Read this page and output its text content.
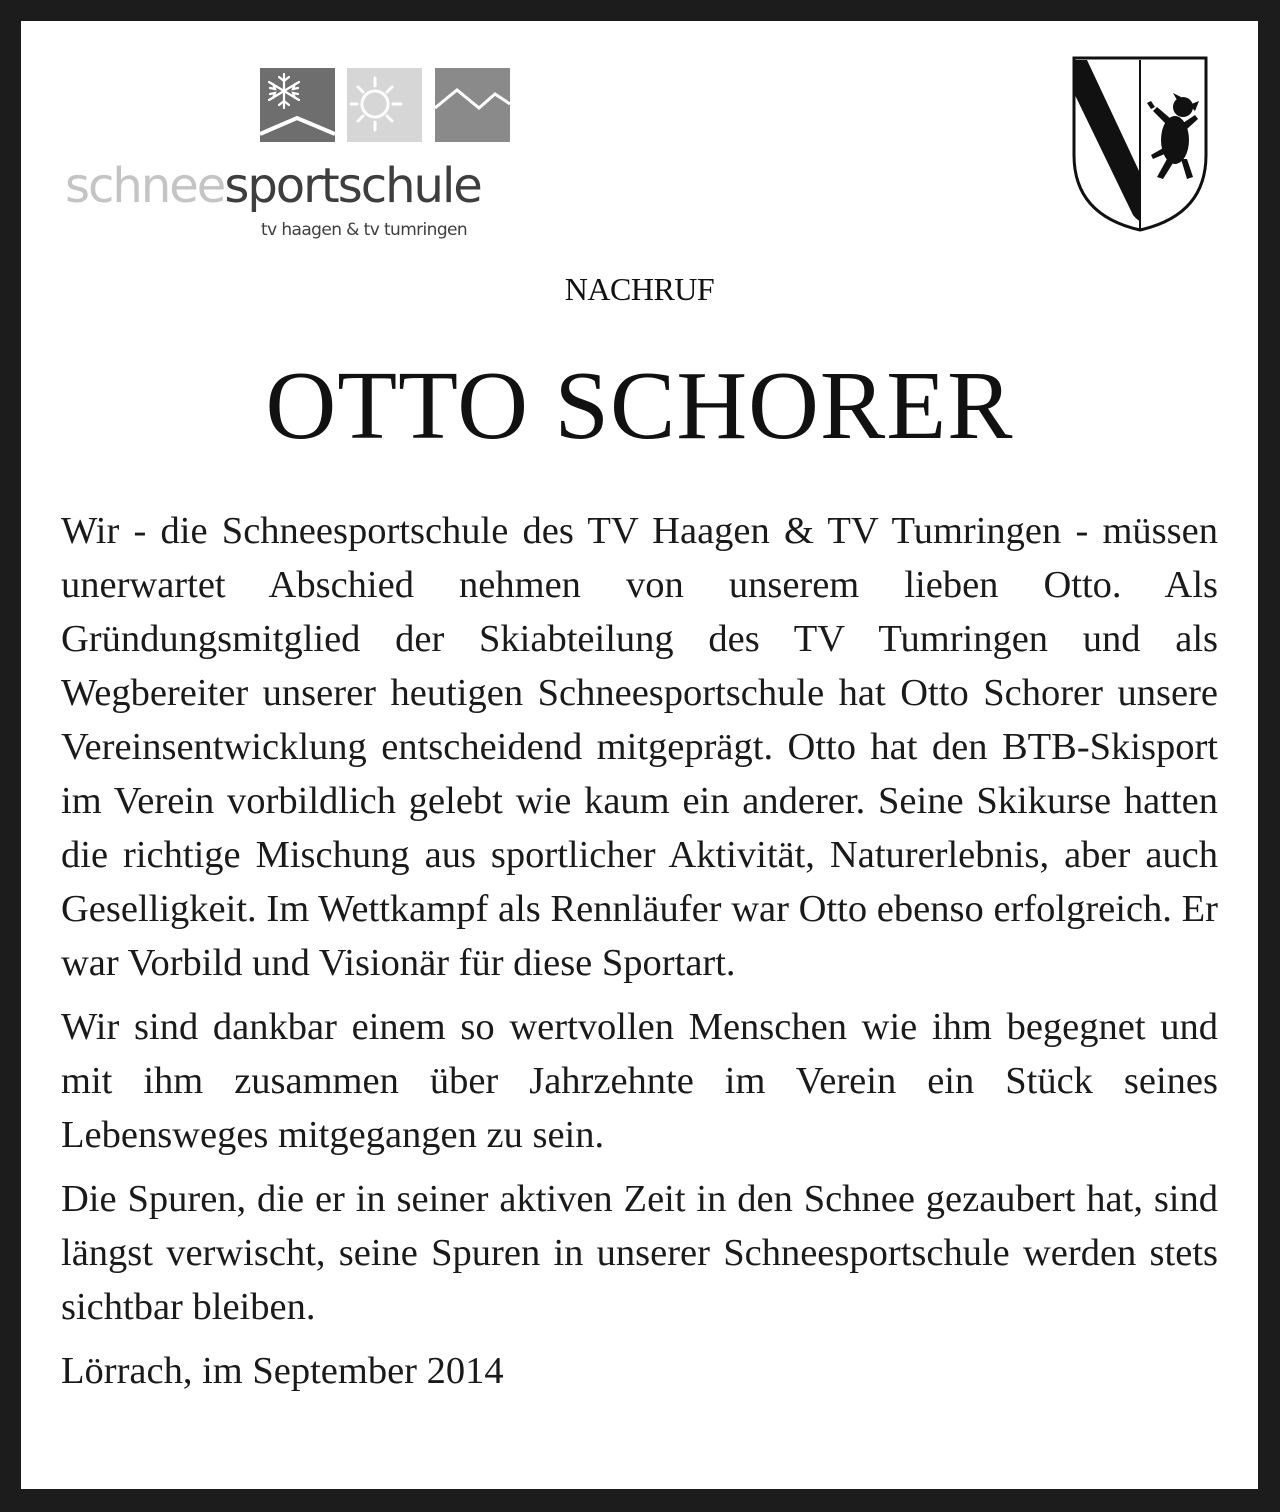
schneesportschule
tv haagen & tv tumringen
NACHRUF
OTTO SCHORER

Wir - die Schneesportschule des TV Haagen & TV Tumringen - müssen unerwartet Abschied nehmen von unserem lieben Otto. Als Gründungsmitglied der Skiabteilung des TV Tumringen und als Wegbereiter unserer heutigen Schneesportschule hat Otto Schorer unsere Vereinsentwicklung entscheidend mitgeprägt. Otto hat den BTB-Skisport im Verein vorbildlich gelebt wie kaum ein anderer. Seine Skikurse hatten die richtige Mischung aus sportlicher Aktivität, Naturerlebnis, aber auch Geselligkeit. Im Wettkampf als Rennläufer war Otto ebenso erfolgreich. Er war Vorbild und Visionär für diese Sportart.

Wir sind dankbar einem so wertvollen Menschen wie ihm begegnet und mit ihm zusammen über Jahrzehnte im Verein ein Stück seines Lebensweges mitgegangen zu sein.

Die Spuren, die er in seiner aktiven Zeit in den Schnee gezaubert hat, sind längst verwischt, seine Spuren in unserer Schneesportschule werden stets sichtbar bleiben.

Lörrach, im September 2014
